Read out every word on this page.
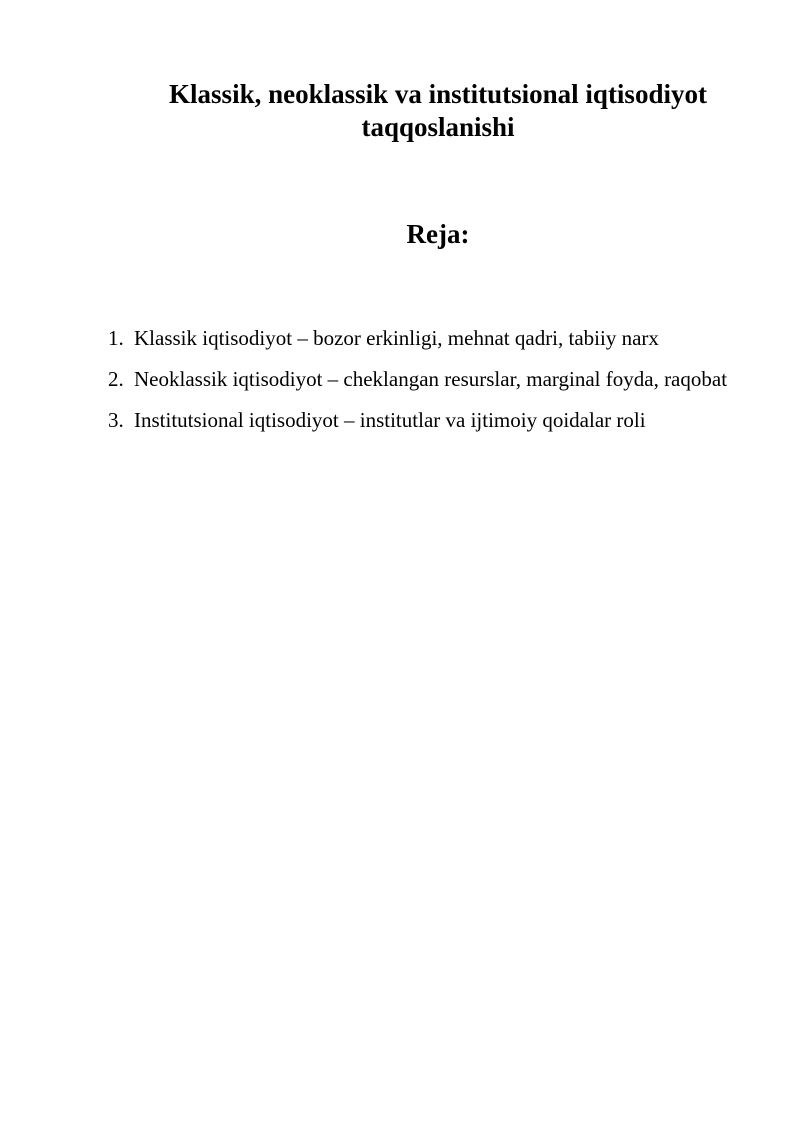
Klassik, neoklassik va institutsional iqtisodiyot taqqoslanishi
Reja:
1. Klassik iqtisodiyot – bozor erkinligi, mehnat qadri, tabiiy narx
2. Neoklassik iqtisodiyot – cheklangan resurslar, marginal foyda, raqobat
3. Institutsional iqtisodiyot – institutlar va ijtimoiy qoidalar roli
